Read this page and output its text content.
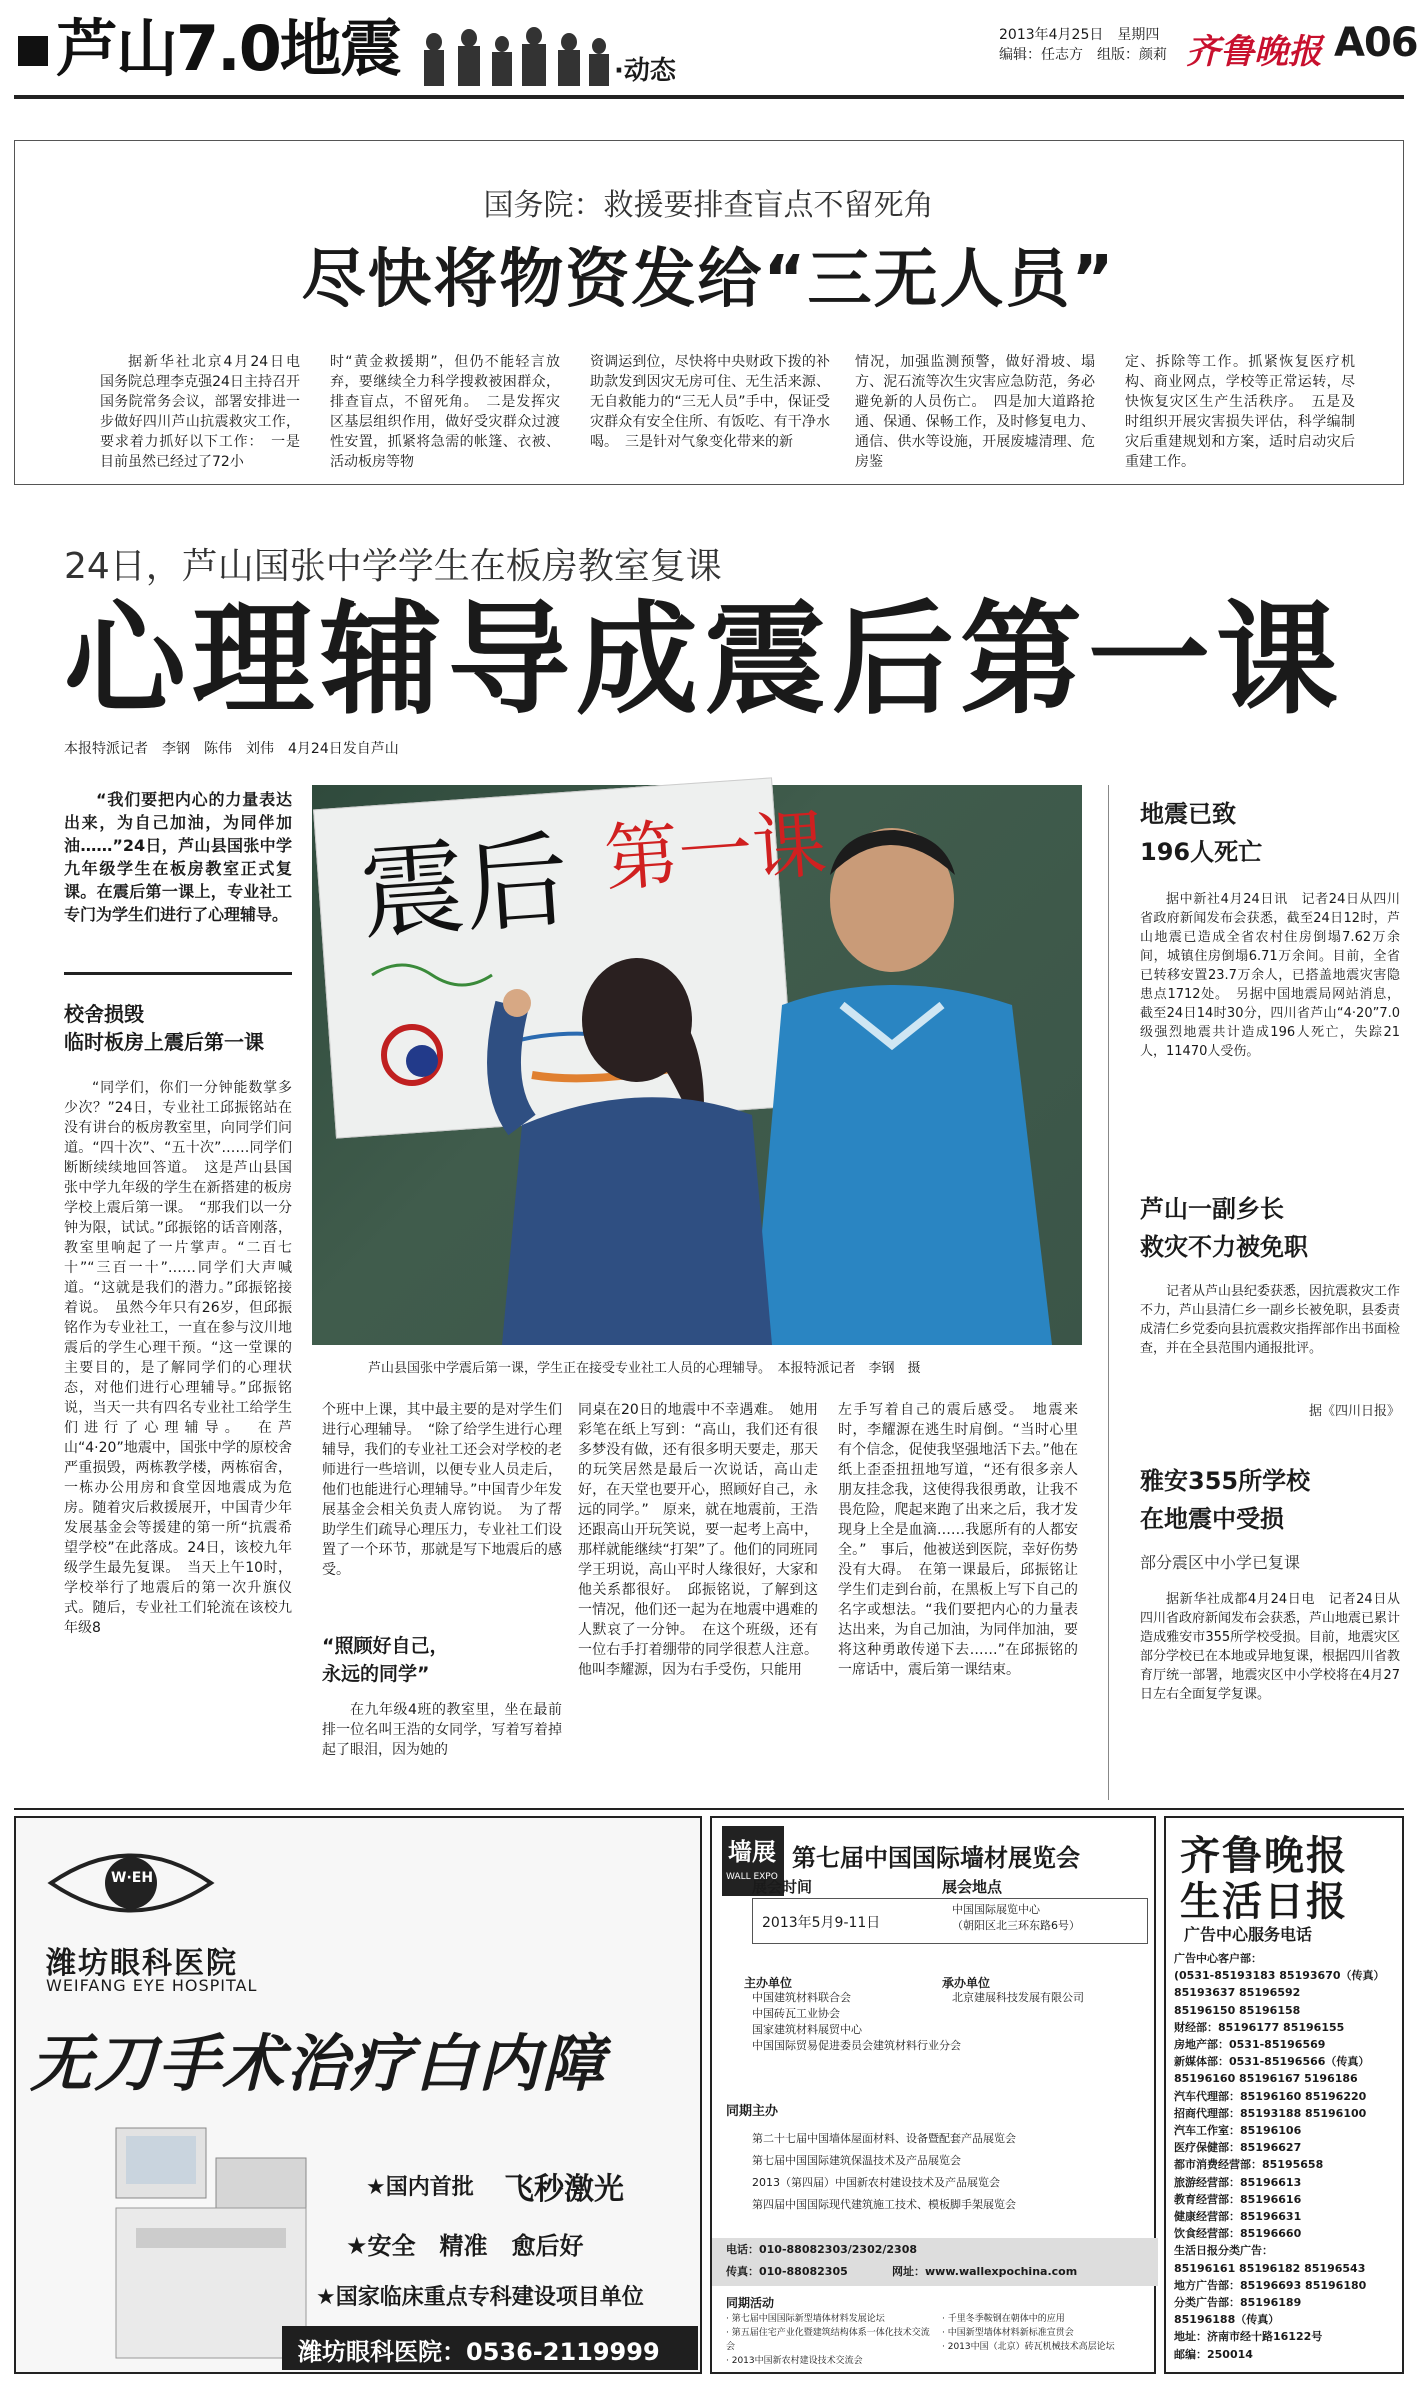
芦山7.0地震	·动态
2013年4月25日　星期四
编辑：任志方　组版：颜莉 齐鲁晚报 A06
国务院：救援要排查盲点不留死角
尽快将物资发给“三无人员”

据新华社北京4月24日电　国务院总理李克强24日主持召开国务院常务会议，部署安排进一步做好四川芦山抗震救灾工作，要求着力抓好以下工作：　一是目前虽然已经过了72小

时“黄金救援期”，但仍不能轻言放弃，要继续全力科学搜救被困群众，排查盲点，不留死角。　二是发挥灾区基层组织作用，做好受灾群众过渡性安置，抓紧将急需的帐篷、衣被、活动板房等物

资调运到位，尽快将中央财政下拨的补助款发到因灾无房可住、无生活来源、无自救能力的“三无人员”手中，保证受灾群众有安全住所、有饭吃、有干净水喝。　三是针对气象变化带来的新

情况，加强监测预警，做好滑坡、塌方、泥石流等次生灾害应急防范，务必避免新的人员伤亡。　四是加大道路抢通、保通、保畅工作，及时修复电力、通信、供水等设施，开展废墟清理、危房鉴

定、拆除等工作。抓紧恢复医疗机构、商业网点，学校等正常运转，尽快恢复灾区生产生活秩序。　五是及时组织开展灾害损失评估，科学编制灾后重建规划和方案，适时启动灾后重建工作。

24日，芦山国张中学学生在板房教室复课
心理辅导成震后第一课
本报特派记者　李钢　陈伟　刘伟　4月24日发自芦山

“我们要把内心的力量表达出来，为自己加油，为同伴加油……”24日，芦山县国张中学九年级学生在板房教室正式复课。在震后第一课上，专业社工专门为学生们进行了心理辅导。

校舍损毁
临时板房上震后第一课

“同学们，你们一分钟能数掌多少次？”24日，专业社工邱振铭站在没有讲台的板房教室里，向同学们问道。“四十次”、“五十次”……同学们断断续续地回答道。　这是芦山县国张中学九年级的学生在新搭建的板房学校上震后第一课。　“那我们以一分钟为限，试试。”邱振铭的话音刚落，教室里响起了一片掌声。“二百七十”“三百一十”……同学们大声喊道。“这就是我们的潜力。”邱振铭接着说。　虽然今年只有26岁，但邱振铭作为专业社工，一直在参与汶川地震后的学生心理干预。“这一堂课的主要目的，是了解同学们的心理状态，对他们进行心理辅导。”邱振铭说，当天一共有四名专业社工给学生们进行了心理辅导。　在芦山“4·20”地震中，国张中学的原校舍严重损毁，两栋教学楼，两栋宿舍，一栋办公用房和食堂因地震成为危房。随着灾后救援展开，中国青少年发展基金会等援建的第一所“抗震希望学校”在此落成。24日，该校九年级学生最先复课。　当天上午10时，学校举行了地震后的第一次升旗仪式。随后，专业社工们轮流在该校九年级8

震后 第一课
芦山县国张中学震后第一课，学生正在接受专业社工人员的心理辅导。　本报特派记者　李钢　摄

个班中上课，其中最主要的是对学生们进行心理辅导。　“除了给学生进行心理辅导，我们的专业社工还会对学校的老师进行一些培训，以便专业人员走后，他们也能进行心理辅导。”中国青少年发展基金会相关负责人席钧说。　为了帮助学生们疏导心理压力，专业社工们设置了一个环节，那就是写下地震后的感受。

“照顾好自己，
永远的同学”

在九年级4班的教室里，坐在最前排一位名叫王浩的女同学，写着写着掉起了眼泪，因为她的

同桌在20日的地震中不幸遇难。　她用彩笔在纸上写到：“高山，我们还有很多梦没有做，还有很多明天要走，那天的玩笑居然是最后一次说话，高山走好，在天堂也要开心，照顾好自己，永远的同学。”　原来，就在地震前，王浩还跟高山开玩笑说，要一起考上高中，那样就能继续“打架”了。他们的同班同学王玥说，高山平时人缘很好，大家和他关系都很好。　邱振铭说，了解到这一情况，他们还一起为在地震中遇难的人默哀了一分钟。　在这个班级，还有一位右手打着绷带的同学很惹人注意。他叫李耀源，因为右手受伤，只能用

左手写着自己的震后感受。　地震来时，李耀源在逃生时肩倒。“当时心里有个信念，促使我坚强地活下去。”他在纸上歪歪扭扭地写道，“还有很多亲人朋友挂念我，这使得我很勇敢，让我不畏危险，爬起来跑了出来之后，我才发现身上全是血滴……我愿所有的人都安全。”　事后，他被送到医院，幸好伤势没有大碍。　在第一课最后，邱振铭让学生们走到台前，在黑板上写下自己的名字或想法。“我们要把内心的力量表达出来，为自己加油，为同伴加油，要将这种勇敢传递下去……”在邱振铭的一席话中，震后第一课结束。

地震已致
196人死亡

据中新社4月24日讯　记者24日从四川省政府新闻发布会获悉，截至24日12时，芦山地震已造成全省农村住房倒塌7.62万余间，城镇住房倒塌6.71万余间。目前，全省已转移安置23.7万余人，已搭盖地震灾害隐患点1712处。　另据中国地震局网站消息，截至24日14时30分，四川省芦山“4·20”7.0级强烈地震共计造成196人死亡，失踪21人，11470人受伤。

芦山一副乡长
救灾不力被免职

记者从芦山县纪委获悉，因抗震救灾工作不力，芦山县清仁乡一副乡长被免职，县委责成清仁乡党委向县抗震救灾指挥部作出书面检查，并在全县范围内通报批评。

据《四川日报》
雅安355所学校
在地震中受损
部分震区中小学已复课

据新华社成都4月24日电　记者24日从四川省政府新闻发布会获悉，芦山地震已累计造成雅安市355所学校受损。目前，地震灾区部分学校已在本地或异地复课，根据四川省教育厅统一部署，地震灾区中小学校将在4月27日左右全面复学复课。

W·EH
潍坊眼科医院
WEIFANG EYE HOSPITAL
无刀手术治疗白内障
★国内首批 飞秒激光
★安全　精准　愈后好
★国家临床重点专科建设项目单位
潍坊眼科医院：0536-2119999
墙展
WALL EXPO
第七届中国国际墙材展览会
展会时间	展会地点
2013年5月9-11日
中国国际展览中心
（朝阳区北三环东路6号）
主办单位
中国建筑材料联合会
中国砖瓦工业协会
国家建筑材料展贸中心
中国国际贸易促进委员会建筑材料行业分会
承办单位
北京建展科技发展有限公司
同期主办
第二十七届中国墙体屋面材料、设备暨配套产品展览会
第七届中国国际建筑保温技术及产品展览会
2013（第四届）中国新农村建设技术及产品展览会
第四届中国国际现代建筑施工技术、模板脚手架展览会
电话：010-88082303/2302/2308
传真：010-88082305	网址：www.wallexpochina.com
同期活动
· 第七届中国国际新型墙体材料发展论坛
· 第五届住宅产业化暨建筑结构体系一体化技术交流会
· 2013中国新农村建设技术交流会
· 千里冬季鞍钢在朝体中的应用
· 中国新型墙体材料新标准宣贯会
· 2013中国（北京）砖瓦机械技术高层论坛
齐鲁晚报
生活日报
广告中心服务电话
广告中心客户部：
(0531-85193183 85193670（传真）
85193637 85196592
85196150 85196158
财经部：85196177 85196155
房地产部：0531-85196569
新媒体部：0531-85196566（传真）
85196160 85196167 5196186
汽车代理部：85196160 85196220
招商代理部：85193188 85196100
汽车工作室：85196106
医疗保健部：85196627
都市消费经营部：85195658
旅游经营部：85196613
教育经营部：85196616
健康经营部：85196631
饮食经营部：85196660
生活日报分类广告：
85196161 85196182 85196543
地方广告部：85196693 85196180
分类广告部：85196189
85196188（传真）
地址：济南市经十路16122号
邮编：250014
